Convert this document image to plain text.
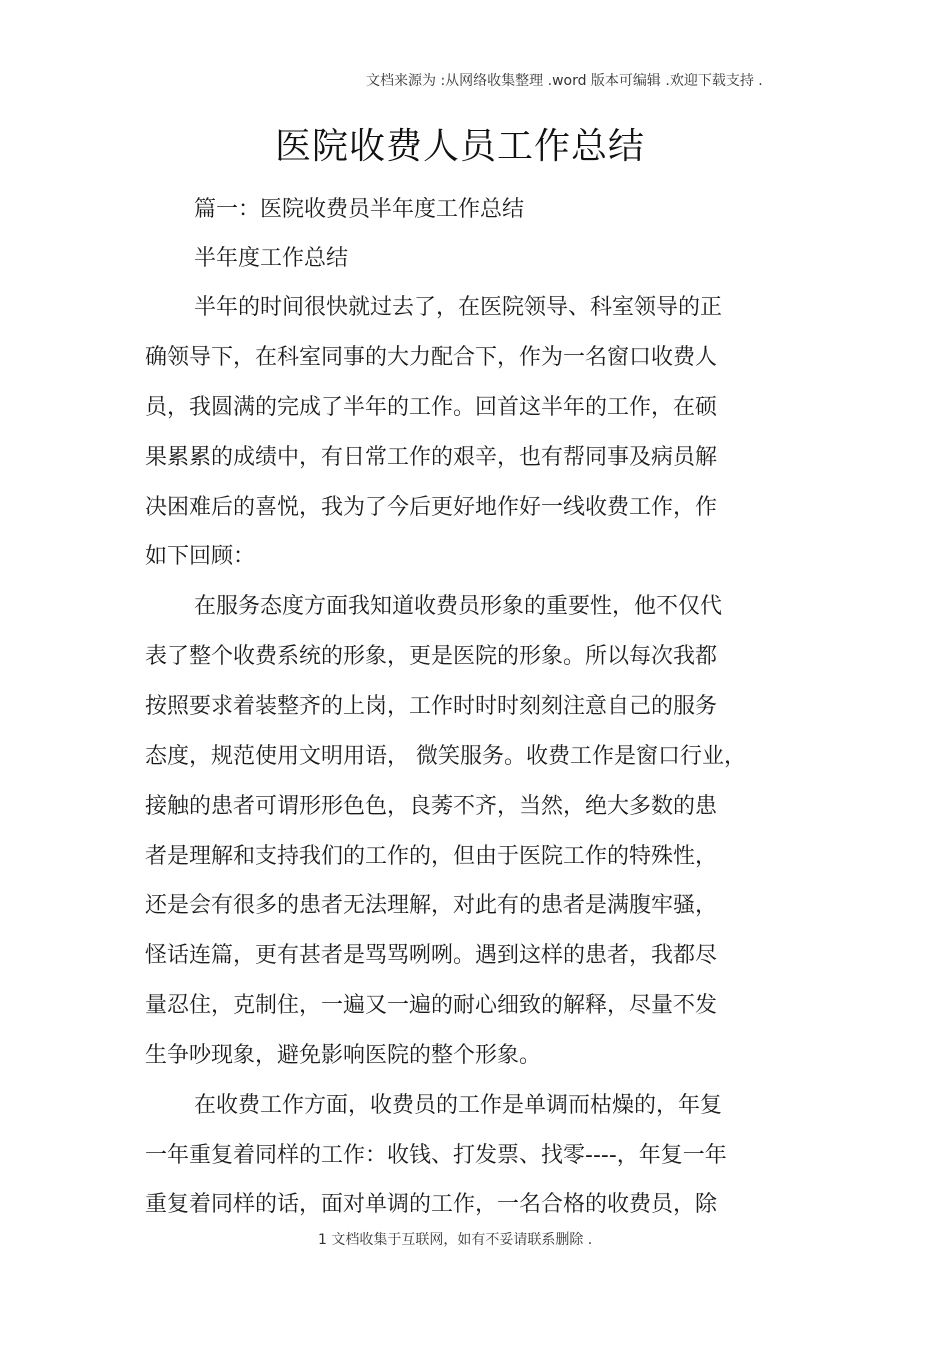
文档来源为 :从网络收集整理 .word 版本可编辑 .欢迎下载支持 .
医院收费人员工作总结
篇一：医院收费员半年度工作总结
半年度工作总结
半年的时间很快就过去了，在医院领导、科室领导的正
确领导下，在科室同事的大力配合下，作为一名窗口收费人
员，我圆满的完成了半年的工作。回首这半年的工作，在硕
果累累的成绩中，有日常工作的艰辛，也有帮同事及病员解
决困难后的喜悦，我为了今后更好地作好一线收费工作，作
如下回顾：
在服务态度方面我知道收费员形象的重要性，他不仅代
表了整个收费系统的形象，更是医院的形象。所以每次我都
按照要求着装整齐的上岗，工作时时时刻刻注意自己的服务
态度，规范使用文明用语， 微笑服务。收费工作是窗口行业，
接触的患者可谓形形色色，良莠不齐，当然，绝大多数的患
者是理解和支持我们的工作的，但由于医院工作的特殊性，
还是会有很多的患者无法理解，对此有的患者是满腹牢骚，
怪话连篇，更有甚者是骂骂咧咧。遇到这样的患者，我都尽
量忍住，克制住，一遍又一遍的耐心细致的解释，尽量不发
生争吵现象，避免影响医院的整个形象。
在收费工作方面，收费员的工作是单调而枯燥的，年复
一年重复着同样的工作：收钱、打发票、找零----，年复一年
重复着同样的话，面对单调的工作，一名合格的收费员，除
1 文档收集于互联网，如有不妥请联系删除 .
